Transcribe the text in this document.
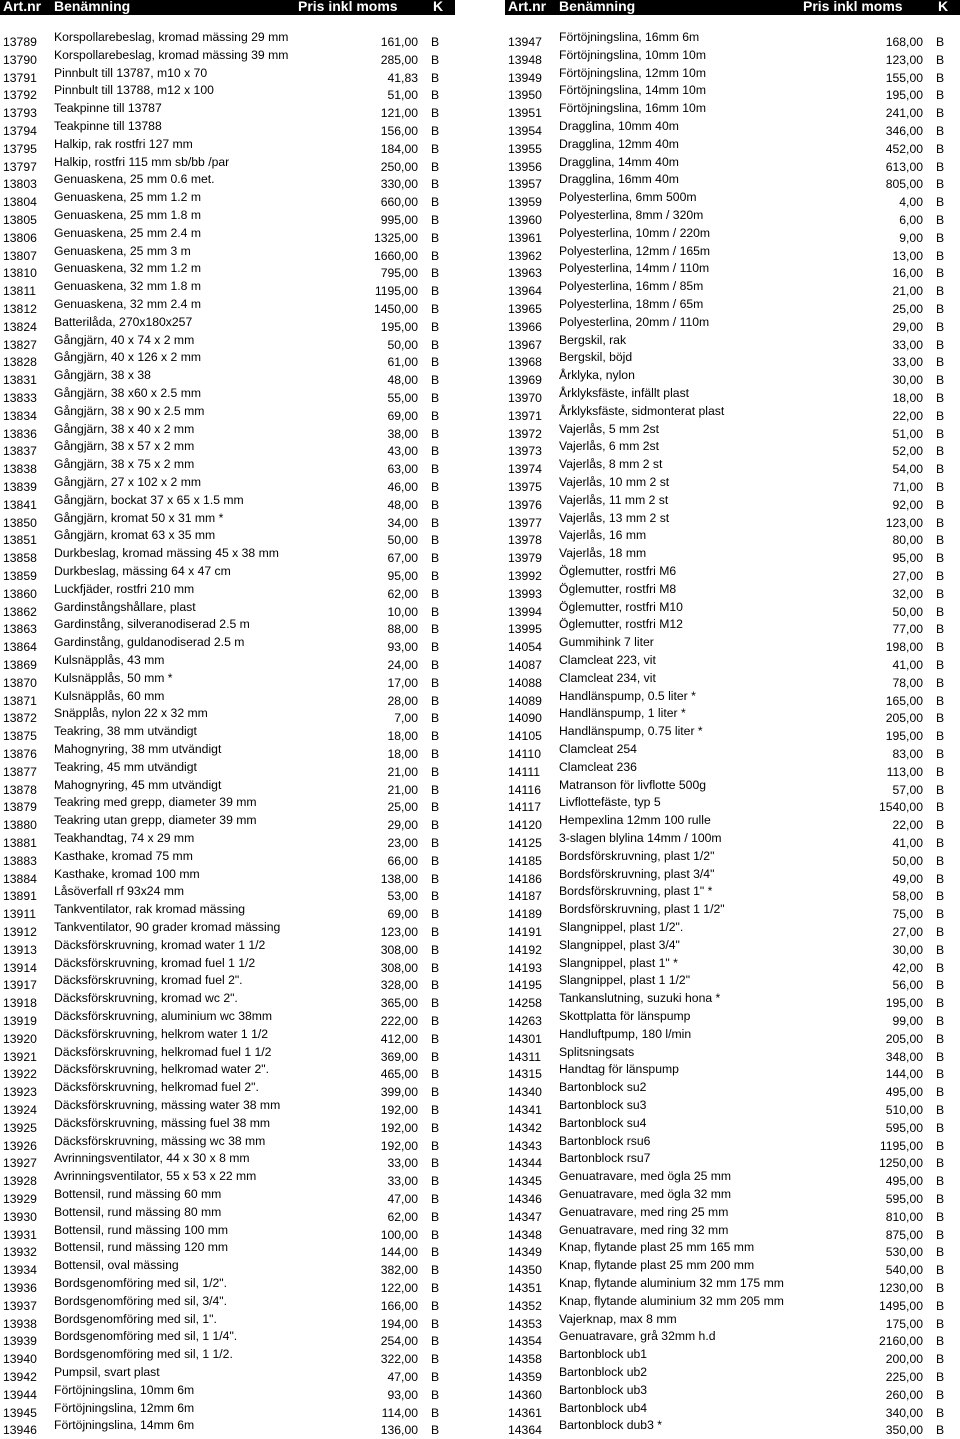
Art.nr Benämning	Pris inkl moms	K
13789 Korspollarebeslag, kromad mässing 29 mm	161,00 B
13790 Korspollarebeslag, kromad mässing 39 mm	285,00 B
13791 Pinnbult till 13787, m10 x 70	41,83 B
13792 Pinnbult till 13788, m12 x 100	51,00 B
13793 Teakpinne till 13787	121,00 B
13794 Teakpinne till 13788	156,00 B
13795 Halkip, rak rostfri 127 mm	184,00 B
13797 Halkip, rostfri 115 mm sb/bb /par	250,00 B
13803 Genuaskena, 25 mm 0.6 met.	330,00 B
13804 Genuaskena, 25 mm 1.2 m	660,00 B
13805 Genuaskena, 25 mm 1.8 m	995,00 B
13806 Genuaskena, 25 mm 2.4 m	1325,00 B
13807 Genuaskena, 25 mm 3 m	1660,00 B
13810 Genuaskena, 32 mm 1.2 m	795,00 B
13811 Genuaskena, 32 mm 1.8 m	1195,00 B
13812 Genuaskena, 32 mm 2.4 m	1450,00 B
13824 Batterilåda, 270x180x257	195,00 B
13827 Gångjärn, 40 x 74 x 2 mm	50,00 B
13828 Gångjärn, 40 x 126 x 2 mm	61,00 B
13831 Gångjärn, 38 x 38	48,00 B
13833 Gångjärn, 38 x60 x 2.5 mm	55,00 B
13834 Gångjärn, 38 x 90 x 2.5 mm	69,00 B
13836 Gångjärn, 38 x 40 x 2 mm	38,00 B
13837 Gångjärn, 38 x 57 x 2 mm	43,00 B
13838 Gångjärn, 38 x 75 x 2 mm	63,00 B
13839 Gångjärn, 27 x 102 x 2 mm	46,00 B
13841 Gångjärn, bockat 37 x 65 x 1.5 mm	48,00 B
13850 Gångjärn, kromat 50 x 31 mm *	34,00 B
13851 Gångjärn, kromat 63 x 35 mm	50,00 B
13858 Durkbeslag, kromad mässing 45 x 38 mm	67,00 B
13859 Durkbeslag, mässing 64 x 47 cm	95,00 B
13860 Luckfjäder, rostfri 210 mm	62,00 B
13862 Gardinstångshållare, plast	10,00 B
13863 Gardinstång, silveranodiserad 2.5 m	88,00 B
13864 Gardinstång, guldanodiserad 2.5 m	93,00 B
13869 Kulsnäpplås, 43 mm	24,00 B
13870 Kulsnäpplås, 50 mm *	17,00 B
13871 Kulsnäpplås, 60 mm	28,00 B
13872 Snäpplås, nylon 22 x 32 mm	7,00 B
13875 Teakring, 38 mm utvändigt	18,00 B
13876 Mahognyring, 38 mm utvändigt	18,00 B
13877 Teakring, 45 mm utvändigt	21,00 B
13878 Mahognyring, 45 mm utvändigt	21,00 B
13879 Teakring med grepp, diameter 39 mm	25,00 B
13880 Teakring utan grepp, diameter 39 mm	29,00 B
13881 Teakhandtag, 74 x 29 mm	23,00 B
13883 Kasthake, kromad 75 mm	66,00 B
13884 Kasthake, kromad 100 mm	138,00 B
13891 Låsöverfall rf 93x24 mm	53,00 B
13911 Tankventilator, rak kromad mässing	69,00 B
13912 Tankventilator, 90 grader kromad mässing	123,00 B
13913 Däcksförskruvning, kromad water 1 1/2	308,00 B
13914 Däcksförskruvning, kromad fuel 1 1/2	308,00 B
13917 Däcksförskruvning, kromad fuel 2".	328,00 B
13918 Däcksförskruvning, kromad wc 2".	365,00 B
13919 Däcksförskruvning, aluminium wc 38mm	222,00 B
13920 Däcksförskruvning, helkrom water 1 1/2	412,00 B
13921 Däcksförskruvning, helkromad fuel 1 1/2	369,00 B
13922 Däcksförskruvning, helkromad water 2".	465,00 B
13923 Däcksförskruvning, helkromad fuel 2".	399,00 B
13924 Däcksförskruvning, mässing water 38 mm	192,00 B
13925 Däcksförskruvning, mässing fuel 38 mm	192,00 B
13926 Däcksförskruvning, mässing wc 38 mm	192,00 B
13927 Avrinningsventilator, 44 x 30 x 8 mm	33,00 B
13928 Avrinningsventilator, 55 x 53 x 22 mm	33,00 B
13929 Bottensil, rund mässing 60 mm	47,00 B
13930 Bottensil, rund mässing 80 mm	62,00 B
13931 Bottensil, rund mässing 100 mm	100,00 B
13932 Bottensil, rund mässing 120 mm	144,00 B
13934 Bottensil, oval mässing	382,00 B
13936 Bordsgenomföring med sil, 1/2".	122,00 B
13937 Bordsgenomföring med sil, 3/4".	166,00 B
13938 Bordsgenomföring med sil, 1".	194,00 B
13939 Bordsgenomföring med sil, 1 1/4".	254,00 B
13940 Bordsgenomföring med sil, 1 1/2.	322,00 B
13942 Pumpsil, svart plast	47,00 B
13944 Förtöjningslina, 10mm 6m	93,00 B
13945 Förtöjningslina, 12mm 6m	114,00 B
13946 Förtöjningslina, 14mm 6m	136,00 B
Art.nr Benämning	Pris inkl moms	K
13947 Förtöjningslina, 16mm 6m	168,00 B
13948 Förtöjningslina, 10mm 10m	123,00 B
13949 Förtöjningslina, 12mm 10m	155,00 B
13950 Förtöjningslina, 14mm 10m	195,00 B
13951 Förtöjningslina, 16mm 10m	241,00 B
13954 Dragglina, 10mm 40m	346,00 B
13955 Dragglina, 12mm 40m	452,00 B
13956 Dragglina, 14mm 40m	613,00 B
13957 Dragglina, 16mm 40m	805,00 B
13959 Polyesterlina, 6mm 500m	4,00 B
13960 Polyesterlina, 8mm / 320m	6,00 B
13961 Polyesterlina, 10mm / 220m	9,00 B
13962 Polyesterlina, 12mm / 165m	13,00 B
13963 Polyesterlina, 14mm / 110m	16,00 B
13964 Polyesterlina, 16mm / 85m	21,00 B
13965 Polyesterlina, 18mm / 65m	25,00 B
13966 Polyesterlina, 20mm / 110m	29,00 B
13967 Bergskil, rak	33,00 B
13968 Bergskil, böjd	33,00 B
13969 Årklyka, nylon	30,00 B
13970 Årklyksfäste, infällt plast	18,00 B
13971 Årklyksfäste, sidmonterat plast	22,00 B
13972 Vajerlås, 5 mm 2st	51,00 B
13973 Vajerlås, 6 mm 2st	52,00 B
13974 Vajerlås, 8 mm 2 st	54,00 B
13975 Vajerlås, 10 mm 2 st	71,00 B
13976 Vajerlås, 11 mm 2 st	92,00 B
13977 Vajerlås, 13 mm 2 st	123,00 B
13978 Vajerlås, 16 mm	80,00 B
13979 Vajerlås, 18 mm	95,00 B
13992 Öglemutter, rostfri M6	27,00 B
13993 Öglemutter, rostfri M8	32,00 B
13994 Öglemutter, rostfri M10	50,00 B
13995 Öglemutter, rostfri M12	77,00 B
14054 Gummihink 7 liter	198,00 B
14087 Clamcleat 223, vit	41,00 B
14088 Clamcleat 234, vit	78,00 B
14089 Handlänspump, 0.5 liter *	165,00 B
14090 Handlänspump, 1 liter *	205,00 B
14105 Handlänspump, 0.75 liter *	195,00 B
14110 Clamcleat 254	83,00 B
14111 Clamcleat 236	113,00 B
14116 Matranson för livflotte 500g	57,00 B
14117 Livflottefäste, typ 5	1540,00 B
14120 Hempexlina 12mm 100 rulle	22,00 B
14125 3-slagen blylina 14mm / 100m	41,00 B
14185 Bordsförskruvning, plast 1/2"	50,00 B
14186 Bordsförskruvning, plast 3/4"	49,00 B
14187 Bordsförskruvning, plast 1" *	58,00 B
14189 Bordsförskruvning, plast 1 1/2"	75,00 B
14191 Slangnippel, plast 1/2".	27,00 B
14192 Slangnippel, plast 3/4"	30,00 B
14193 Slangnippel, plast 1" *	42,00 B
14195 Slangnippel, plast 1 1/2"	56,00 B
14258 Tankanslutning, suzuki hona *	195,00 B
14263 Skottplatta för länspump	99,00 B
14301 Handluftpump, 180 l/min	205,00 B
14311 Splitsningsats	348,00 B
14315 Handtag för länspump	144,00 B
14340 Bartonblock su2	495,00 B
14341 Bartonblock su3	510,00 B
14342 Bartonblock su4	595,00 B
14343 Bartonblock rsu6	1195,00 B
14344 Bartonblock rsu7	1250,00 B
14345 Genuatravare, med ögla 25 mm	495,00 B
14346 Genuatravare, med ögla 32 mm	595,00 B
14347 Genuatravare, med ring 25 mm	810,00 B
14348 Genuatravare, med ring 32 mm	875,00 B
14349 Knap, flytande plast 25 mm 165 mm	530,00 B
14350 Knap, flytande plast 25 mm 200 mm	540,00 B
14351 Knap, flytande aluminium 32 mm 175 mm	1230,00 B
14352 Knap, flytande aluminium 32 mm 205 mm	1495,00 B
14353 Vajerknap, max 8 mm	175,00 B
14354 Genuatravare, grå 32mm h.d	2160,00 B
14358 Bartonblock ub1	200,00 B
14359 Bartonblock ub2	225,00 B
14360 Bartonblock ub3	260,00 B
14361 Bartonblock ub4	340,00 B
14364 Bartonblock dub3 *	350,00 B
